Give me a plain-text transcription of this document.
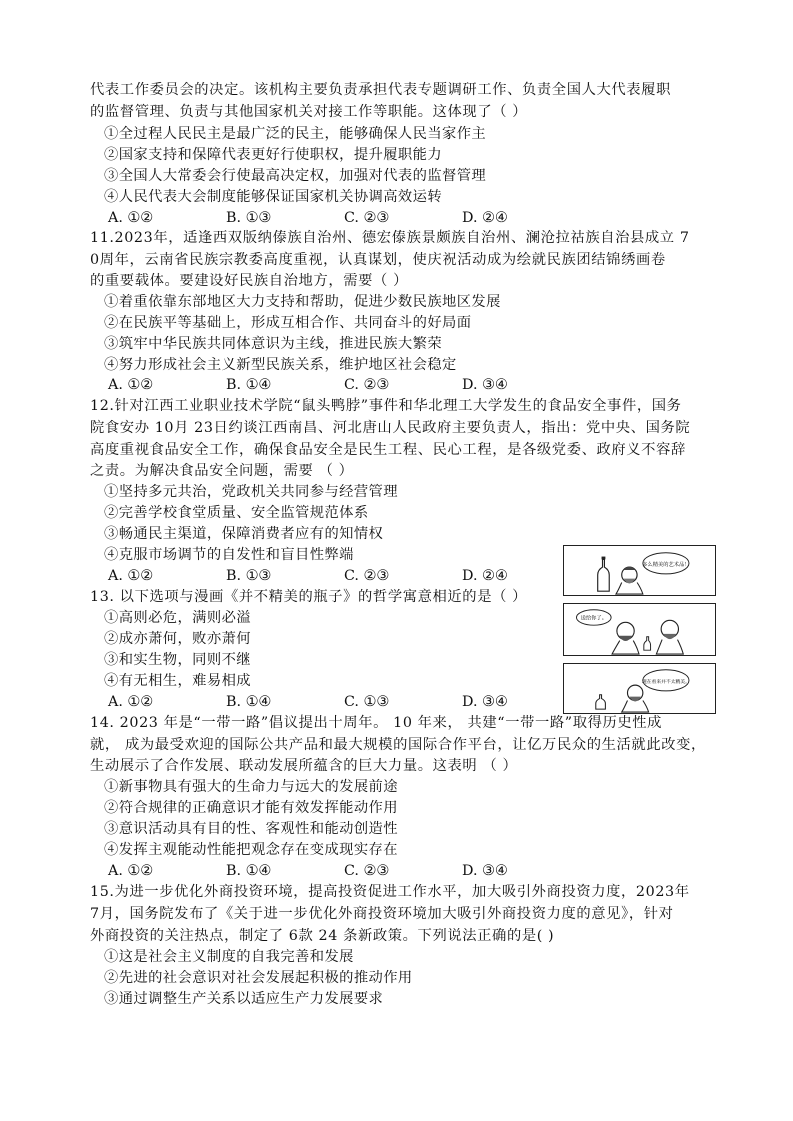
代表工作委员会的决定。该机构主要负责承担代表专题调研工作、负责全国人大代表履职
的监督管理、负责与其他国家机关对接工作等职能。这体现了（ ）
①全过程人民民主是最广泛的民主，能够确保人民当家作主
②国家支持和保障代表更好行使职权，提升履职能力
③全国人大常委会行使最高决定权，加强对代表的监督管理
④人民代表大会制度能够保证国家机关协调高效运转
A. ①②	B. ①③	C. ②③	D. ②④
11.2023年，适逢西双版纳傣族自治州、德宏傣族景颇族自治州、澜沧拉祜族自治县成立 7
0周年，云南省民族宗教委高度重视，认真谋划，使庆祝活动成为绘就民族团结锦绣画卷
的重要载体。要建设好民族自治地方，需要（ ）
①着重依靠东部地区大力支持和帮助，促进少数民族地区发展
②在民族平等基础上，形成互相合作、共同奋斗的好局面
③筑牢中华民族共同体意识为主线，推进民族大繁荣
④努力形成社会主义新型民族关系，维护地区社会稳定
A. ①②	B. ①④	C. ②③	D. ③④
12.针对江西工业职业技术学院“鼠头鸭脖”事件和华北理工大学发生的食品安全事件，国务
院食安办 10月 23日约谈江西南昌、河北唐山人民政府主要负责人，指出：党中央、国务院
高度重视食品安全工作，确保食品安全是民生工程、民心工程，是各级党委、政府义不容辞
之责。为解决食品安全问题，需要 （ ）
①坚持多元共治，党政机关共同参与经营管理
②完善学校食堂质量、安全监管规范体系
③畅通民主渠道，保障消费者应有的知情权
④克服市场调节的自发性和盲目性弊端
A. ①②	B. ①③	C. ②③	D. ②④
13. 以下选项与漫画《并不精美的瓶子》的哲学寓意相近的是（ ）
①高则必危，满则必溢
②成亦萧何，败亦萧何
③和实生物，同则不继
④有无相生，难易相成
A. ①②	B. ①④	C. ①③	D. ③④
14. 2023 年是“一带一路”倡议提出十周年。 10 年来， 共建“一带一路”取得历史性成
就， 成为最受欢迎的国际公共产品和最大规模的国际合作平台，让亿万民众的生活就此改变，
生动展示了合作发展、联动发展所蕴含的巨大力量。这表明 （ ）
①新事物具有强大的生命力与远大的发展前途
②符合规律的正确意识才能有效发挥能动作用
③意识活动具有目的性、客观性和能动创造性
④发挥主观能动性能把观念存在变成现实存在
A. ①②	B. ①④	C. ②③	D. ③④
15.为进一步优化外商投资环境，提高投资促进工作水平，加大吸引外商投资力度，2023年
7月，国务院发布了《关于进一步优化外商投资环境加大吸引外商投资力度的意见》，针对
外商投资的关注热点，制定了 6款 24 条新政策。下列说法正确的是( )
①这是社会主义制度的自我完善和发展
②先进的社会意识对社会发展起积极的推动作用
③通过调整生产关系以适应生产力发展要求
多么精美的艺术品！
送给你了。
现在看来并不太精美。
